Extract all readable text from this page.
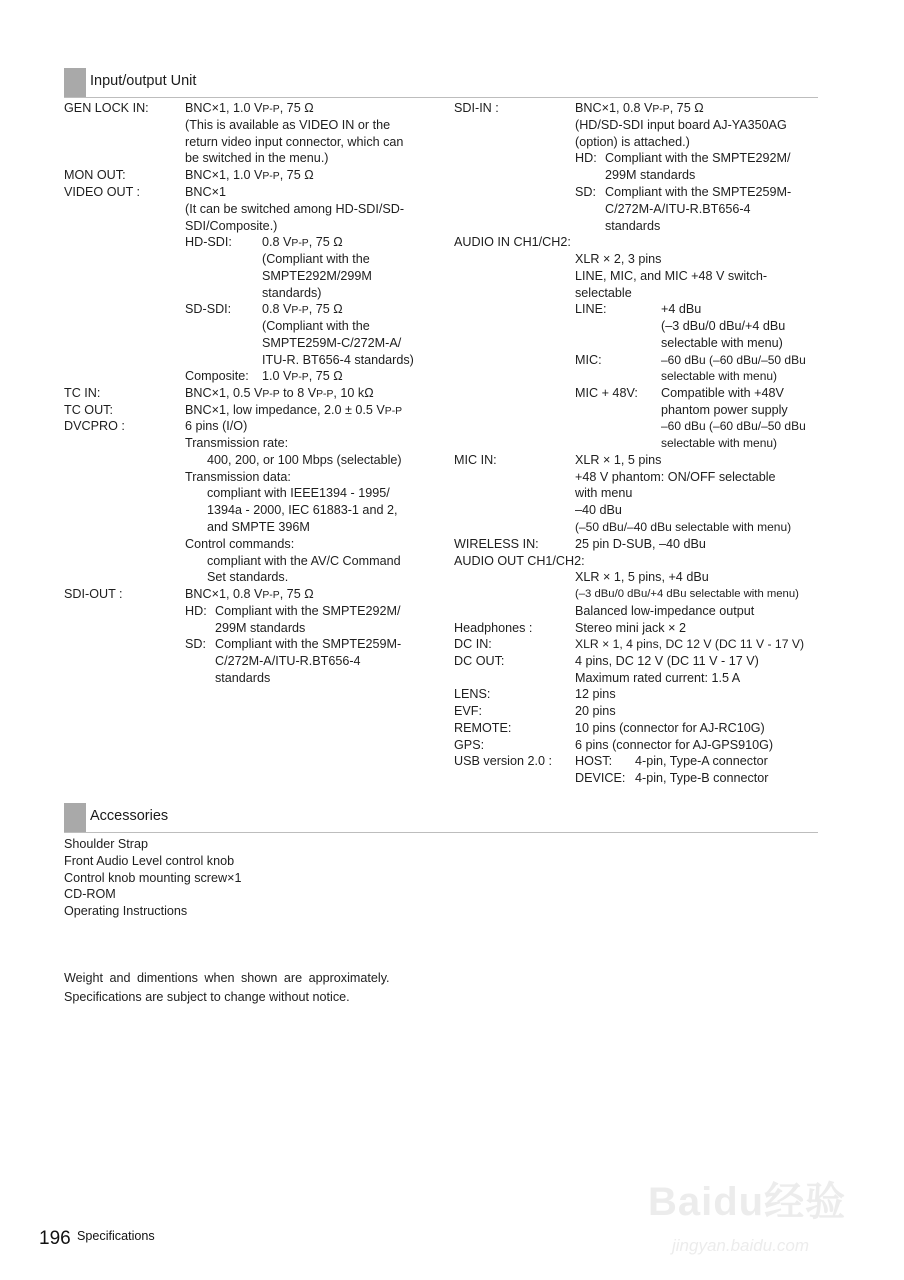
Input/output Unit
GEN LOCK IN:	BNC×1, 1.0 VP-P, 75 Ω
(This is available as VIDEO IN or the
return video input connector, which can
be switched in the menu.)
MON OUT:	BNC×1, 1.0 VP-P, 75 Ω
VIDEO OUT :	BNC×1
(It can be switched among HD-SDI/SD-
SDI/Composite.)
HD-SDI: 0.8 VP-P, 75 Ω
(Compliant with the
SMPTE292M/299M
standards)
SD-SDI: 0.8 VP-P, 75 Ω
(Compliant with the
SMPTE259M-C/272M-A/
ITU-R. BT656-4 standards)
Composite: 1.0 VP-P, 75 Ω
TC IN:	BNC×1, 0.5 VP-P to 8 VP-P, 10 kΩ
TC OUT:	BNC×1, low impedance, 2.0 ± 0.5 VP-P
DVCPRO :	6 pins (I/O)
Transmission rate:
400, 200, or 100 Mbps (selectable)
Transmission data:
compliant with IEEE1394 - 1995/
1394a - 2000, IEC 61883-1 and 2,
and SMPTE 396M
Control commands:
compliant with the AV/C Command
Set standards.
SDI-OUT :	BNC×1, 0.8 VP-P, 75 Ω
HD: Compliant with the SMPTE292M/
299M standards
SD: Compliant with the SMPTE259M-
C/272M-A/ITU-R.BT656-4
standards
SDI-IN :	BNC×1, 0.8 VP-P, 75 Ω
(HD/SD-SDI input board AJ-YA350AG
(option) is attached.)
HD: Compliant with the SMPTE292M/
299M standards
SD: Compliant with the SMPTE259M-
C/272M-A/ITU-R.BT656-4
standards
AUDIO IN CH1/CH2:
XLR × 2, 3 pins
LINE, MIC, and MIC +48 V switch-
selectable
LINE:	+4 dBu
(–3 dBu/0 dBu/+4 dBu
selectable with menu)
MIC:	–60 dBu (–60 dBu/–50 dBu
selectable with menu)
MIC + 48V: Compatible with +48V
phantom power supply
–60 dBu (–60 dBu/–50 dBu
selectable with menu)
MIC IN:	XLR × 1, 5 pins
+48 V phantom: ON/OFF selectable
with menu
–40 dBu
(–50 dBu/–40 dBu selectable with menu)
WIRELESS IN:	25 pin D-SUB, –40 dBu
AUDIO OUT CH1/CH2:
XLR × 1, 5 pins, +4 dBu
(–3 dBu/0 dBu/+4 dBu selectable with menu)
Balanced low-impedance output
Headphones :	Stereo mini jack × 2
DC IN:	XLR × 1, 4 pins, DC 12 V (DC 11 V - 17 V)
DC OUT:	4 pins, DC 12 V (DC 11 V - 17 V)
Maximum rated current: 1.5 A
LENS:	12 pins
EVF:	20 pins
REMOTE:	10 pins (connector for AJ-RC10G)
GPS:	6 pins (connector for AJ-GPS910G)
USB version 2.0 : HOST: 4-pin, Type-A connector
DEVICE: 4-pin, Type-B connector
Accessories
Shoulder Strap
Front Audio Level control knob
Control knob mounting screw×1
CD-ROM
Operating Instructions
Weight and dimentions when shown are approximately.
Specifications are subject to change without notice.
Baidu经验
jingyan.baidu.com
196 Specifications
